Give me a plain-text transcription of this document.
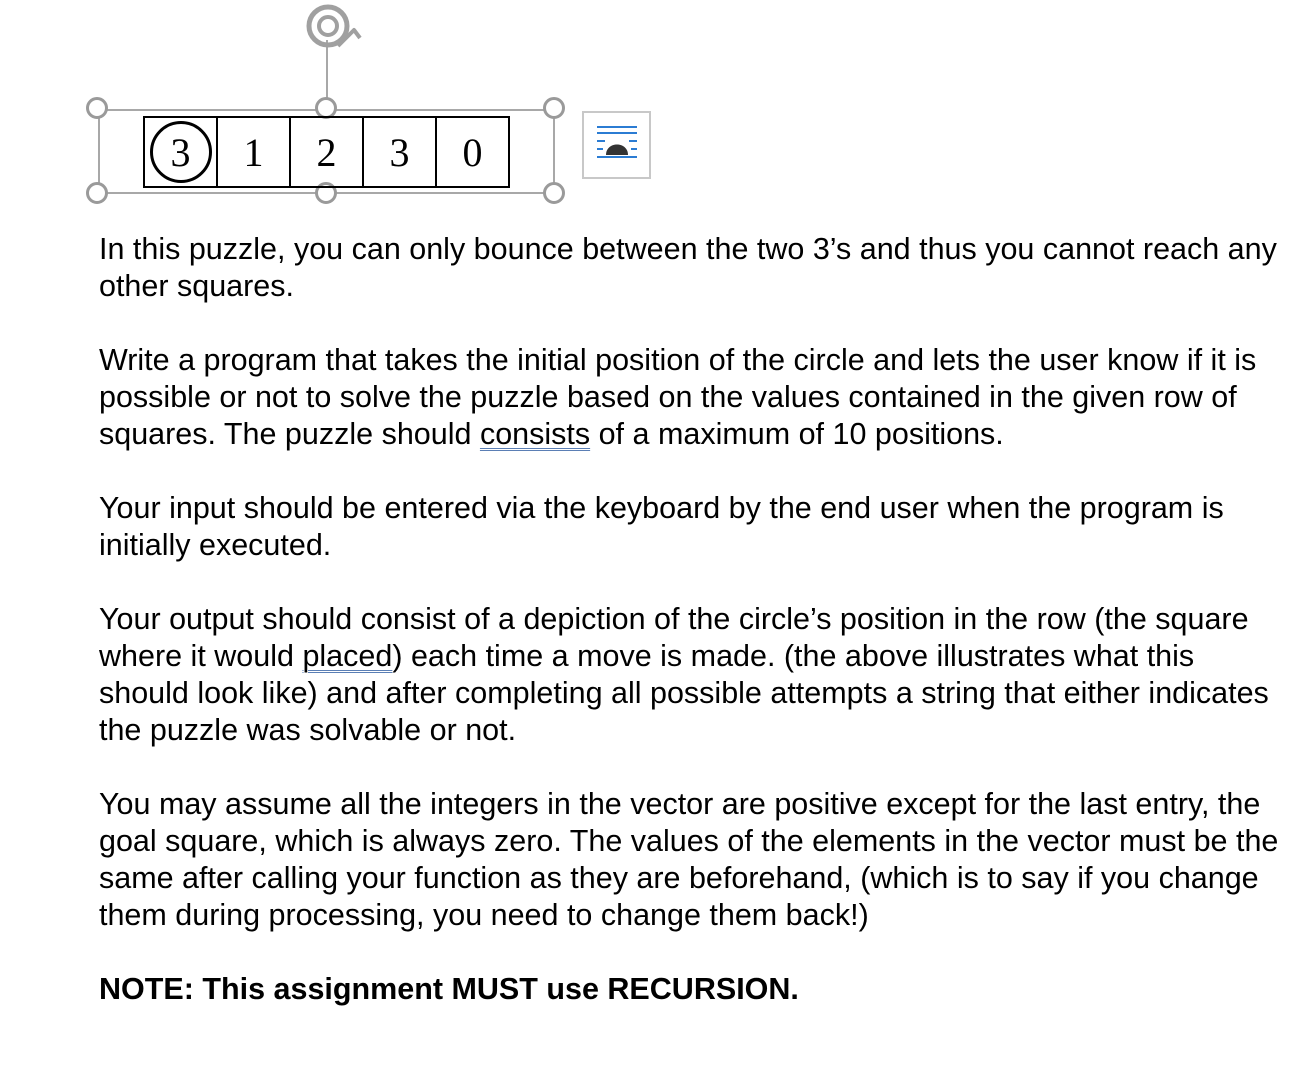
3 1 2 3 0

In this puzzle, you can only bounce between the two 3’s and thus you cannot reach any other squares.

Write a program that takes the initial position of the circle and lets the user know if it is possible or not to solve the puzzle based on the values contained in the given row of squares. The puzzle should consists of a maximum of 10 positions.

Your input should be entered via the keyboard by the end user when the program is initially executed.

Your output should consist of a depiction of the circle’s position in the row (the square where it would placed) each time a move is made. (the above illustrates what this should look like) and after completing all possible attempts a string that either indicates the puzzle was solvable or not.

You may assume all the integers in the vector are positive except for the last entry, the goal square, which is always zero. The values of the elements in the vector must be the same after calling your function as they are beforehand, (which is to say if you change them during processing, you need to change them back!)

NOTE: This assignment MUST use RECURSION.
